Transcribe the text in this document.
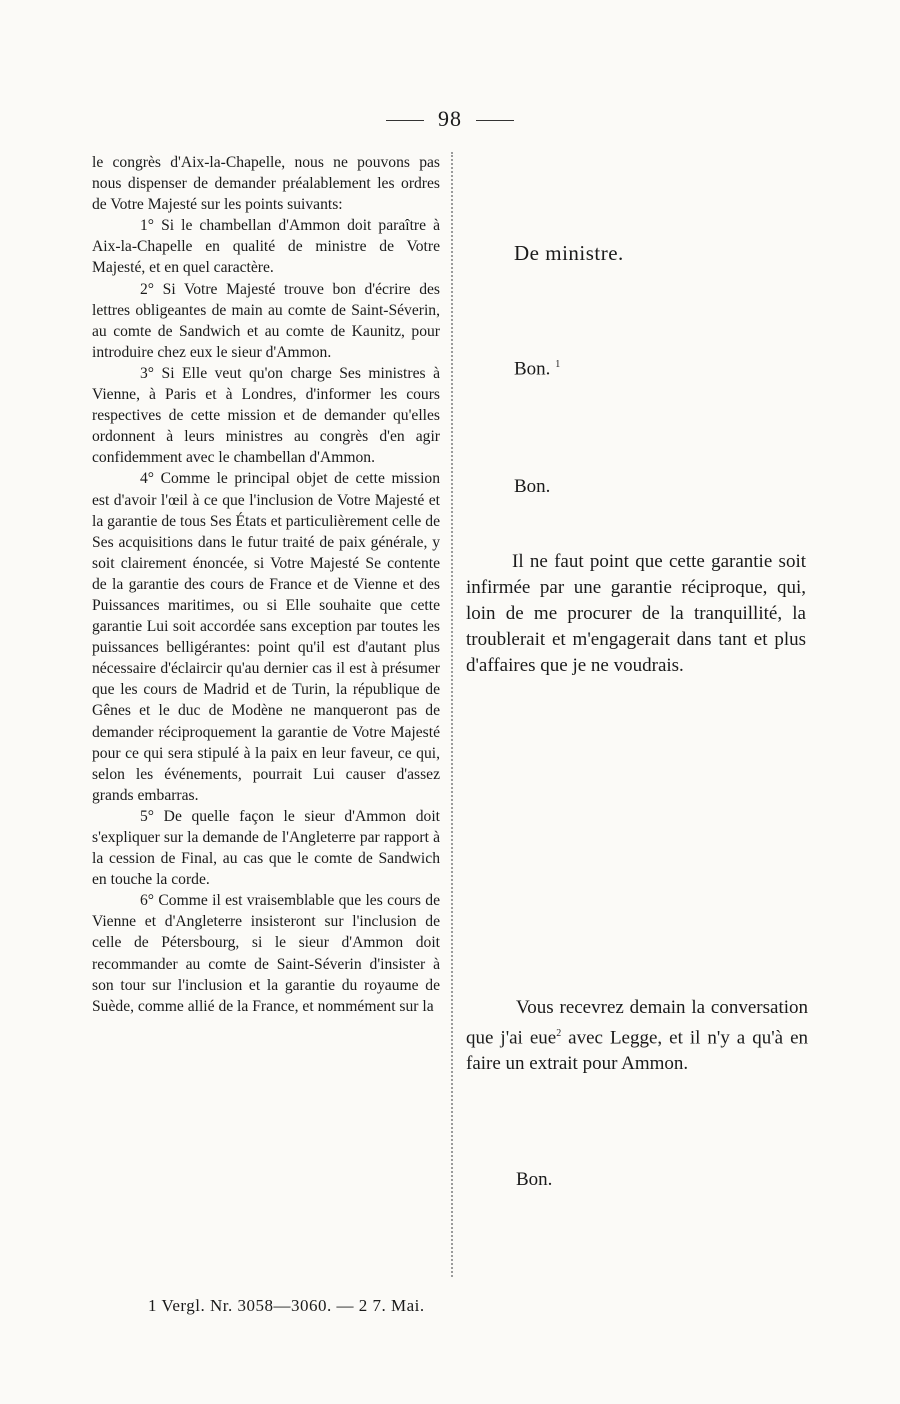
98

le congrès d'Aix-la-Chapelle, nous ne pouvons pas nous dispenser de demander préalablement les ordres de Votre Majesté sur les points suivants:

1° Si le chambellan d'Ammon doit paraître à Aix-la-Chapelle en qualité de ministre de Votre Majesté, et en quel caractère.

2° Si Votre Majesté trouve bon d'écrire des lettres obligeantes de main au comte de Saint-Séverin, au comte de Sandwich et au comte de Kaunitz, pour introduire chez eux le sieur d'Ammon.

3° Si Elle veut qu'on charge Ses ministres à Vienne, à Paris et à Londres, d'informer les cours respectives de cette mission et de demander qu'elles ordonnent à leurs ministres au congrès d'en agir confidemment avec le chambellan d'Ammon.

4° Comme le principal objet de cette mission est d'avoir l'œil à ce que l'inclusion de Votre Majesté et la garantie de tous Ses États et particulièrement celle de Ses acquisitions dans le futur traité de paix générale, y soit clairement énoncée, si Votre Majesté Se contente de la garantie des cours de France et de Vienne et des Puissances maritimes, ou si Elle souhaite que cette garantie Lui soit accordée sans exception par toutes les puissances belligérantes: point qu'il est d'autant plus nécessaire d'éclaircir qu'au dernier cas il est à présumer que les cours de Madrid et de Turin, la république de Gênes et le duc de Modène ne manqueront pas de demander réciproquement la garantie de Votre Majesté pour ce qui sera stipulé à la paix en leur faveur, ce qui, selon les événements, pourrait Lui causer d'assez grands embarras.

5° De quelle façon le sieur d'Ammon doit s'expliquer sur la demande de l'Angleterre par rapport à la cession de Final, au cas que le comte de Sandwich en touche la corde.

6° Comme il est vraisemblable que les cours de Vienne et d'Angleterre insisteront sur l'inclusion de celle de Pétersbourg, si le sieur d'Ammon doit recommander au comte de Saint-Séverin d'insister à son tour sur l'inclusion et la garantie du royaume de Suède, comme allié de la France, et nommément sur la

De ministre.
Bon. $^1$
Bon.
Il ne faut point que cette garantie soit infirmée par une garantie réciproque, qui, loin de me procurer de la tranquillité, la troublerait et m'engagerait dans tant et plus d'affaires que je ne voudrais.
Vous recevrez demain la conversation que j'ai eue$^2$ avec Legge, et il n'y a qu'à en faire un extrait pour Ammon.
Bon.
1 Vergl. Nr. 3058—3060. — 2 7. Mai.
